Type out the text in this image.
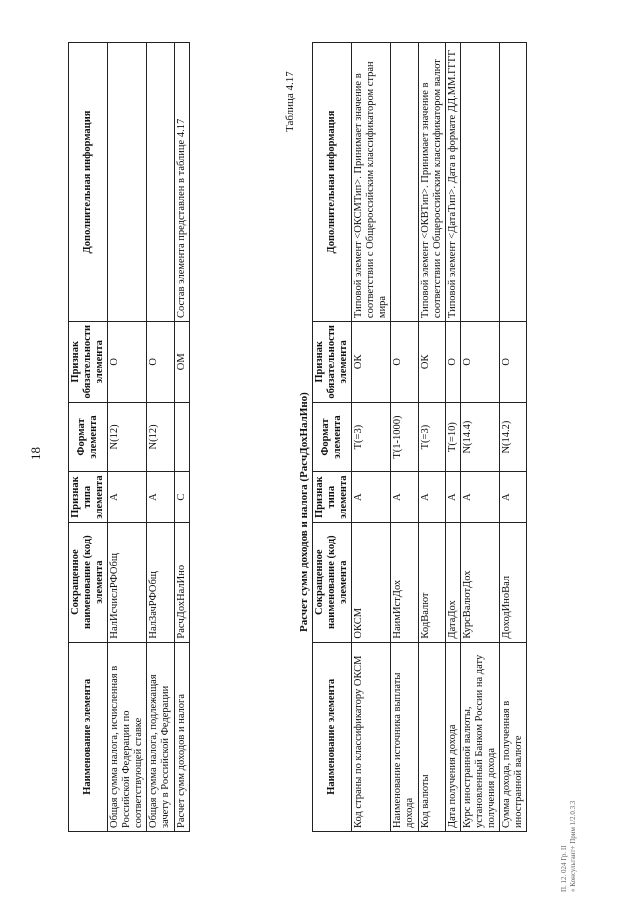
18
Наименование элемента	Сокращенное наименование (код) элемента	Признак типа элемента	Формат элемента	Признак обязательности элемента	Дополнительная информация
Общая сумма налога, исчисленная в Российской Федерации по соответствующей ставке	НалИсчислРФОбщ	А	N(12)	О	
Общая сумма налога, подлежащая зачету в Российской Федерации	НалЗачРФОбщ	А	N(12)	О	
Расчет сумм доходов и налога	РасчДохНалИно	С		ОМ	Состав элемента представлен в таблице 4.17
Таблица 4.17
Расчет сумм доходов и налога (РасчДохНалИно)
Наименование элемента	Сокращенное наименование (код) элемента	Признак типа элемента	Формат элемента	Признак обязательности элемента	Дополнительная информация
Код страны по классификатору ОКСМ	ОКСМ	А	T(=3)	ОК	Типовой элемент <ОКСМТип>. Принимает значение в соответствии с Общероссийским классификатором стран мира
Наименование источника выплаты дохода	НаимИстДох	А	T(1-1000)	О	
Код валюты	КодВалют	А	T(=3)	ОК	Типовой элемент <ОКВТип>. Принимает значение в соответствии с Общероссийским классификатором валют
Дата получения дохода	ДатаДох	А	T(=10)	О	Типовой элемент <ДатаТип>. Дата в формате ДД.ММ.ГГГГ
Курс иностранной валюты, установленный Банком России на дату получения дохода	КурсВалютДох	А	N(14.4)	О	
Сумма дохода, полученная в иностранной валюте	ДоходИноВал	А	N(14.2)	О	
П. 12. 024 Гр. II « Консультант+ Прим 1/2.0.3.3
